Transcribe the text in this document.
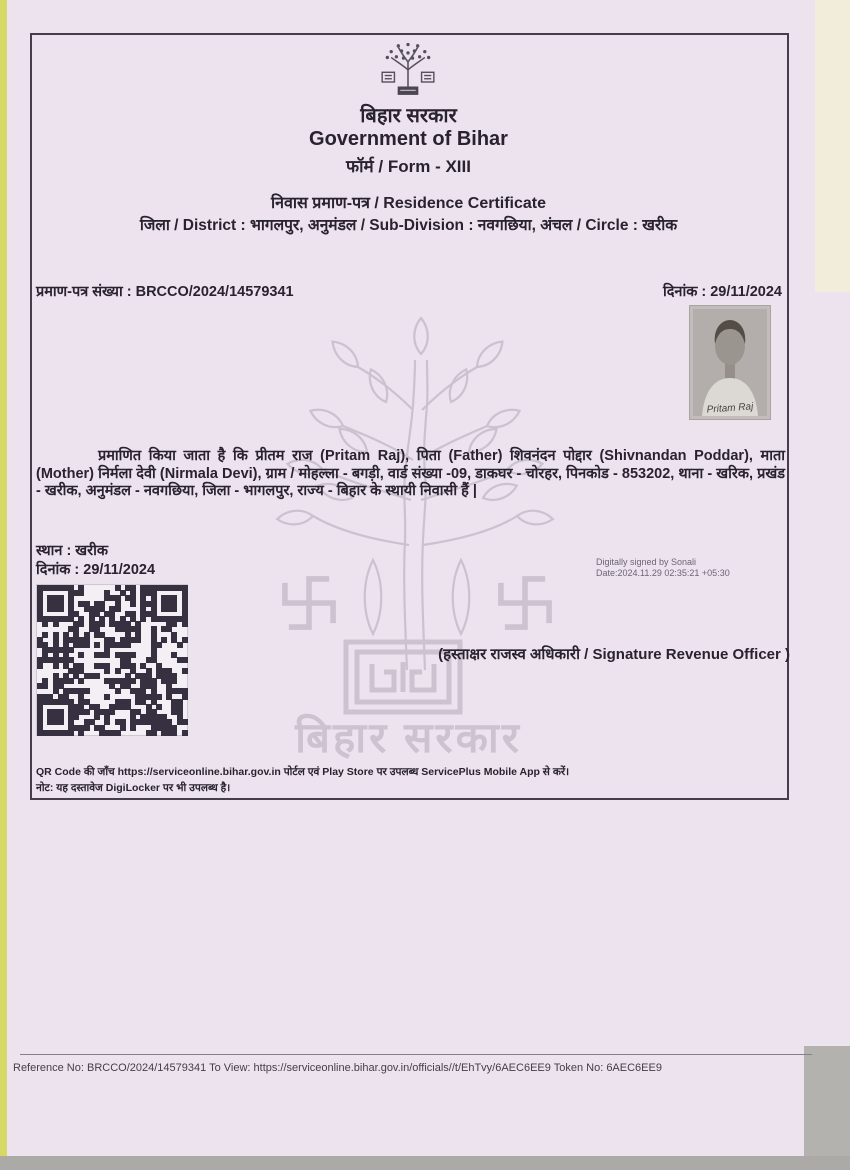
बिहार सरकार
बिहार सरकार
Government of Bihar
फॉर्म / Form - XIII
निवास प्रमाण-पत्र / Residence Certificate
जिला / District : भागलपुर, अनुमंडल / Sub-Division : नवगछिया, अंचल / Circle : खरीक
प्रमाण-पत्र संख्या : BRCCO/2024/14579341	दिनांक : 29/11/2024
Pritam Raj
प्रमाणित किया जाता है कि प्रीतम राज (Pritam Raj), पिता (Father) शिवनंदन पोद्दार (Shivnandan Poddar), माता (Mother) निर्मला देवी (Nirmala Devi), ग्राम / मोहल्ला - बगड़ी, वार्ड संख्या -09, डाकघर - चोरहर, पिनकोड - 853202, थाना - खरिक, प्रखंड - खरीक, अनुमंडल - नवगछिया, जिला - भागलपुर, राज्य - बिहार के स्थायी निवासी हैं |
स्थान : खरीक
दिनांक : 29/11/2024	Digitally signed by Sonali
Date:2024.11.29 02:35:21 +05:30
(हस्ताक्षर राजस्व अधिकारी / Signature Revenue Officer )
QR Code की जाँच https://serviceonline.bihar.gov.in पोर्टल एवं Play Store पर उपलब्ध ServicePlus Mobile App से करें।
नोट: यह दस्तावेज DigiLocker पर भी उपलब्ध है।
Reference No: BRCCO/2024/14579341 To View: https://serviceonline.bihar.gov.in/officials//t/EhTvy/6AEC6EE9 Token No: 6AEC6EE9
